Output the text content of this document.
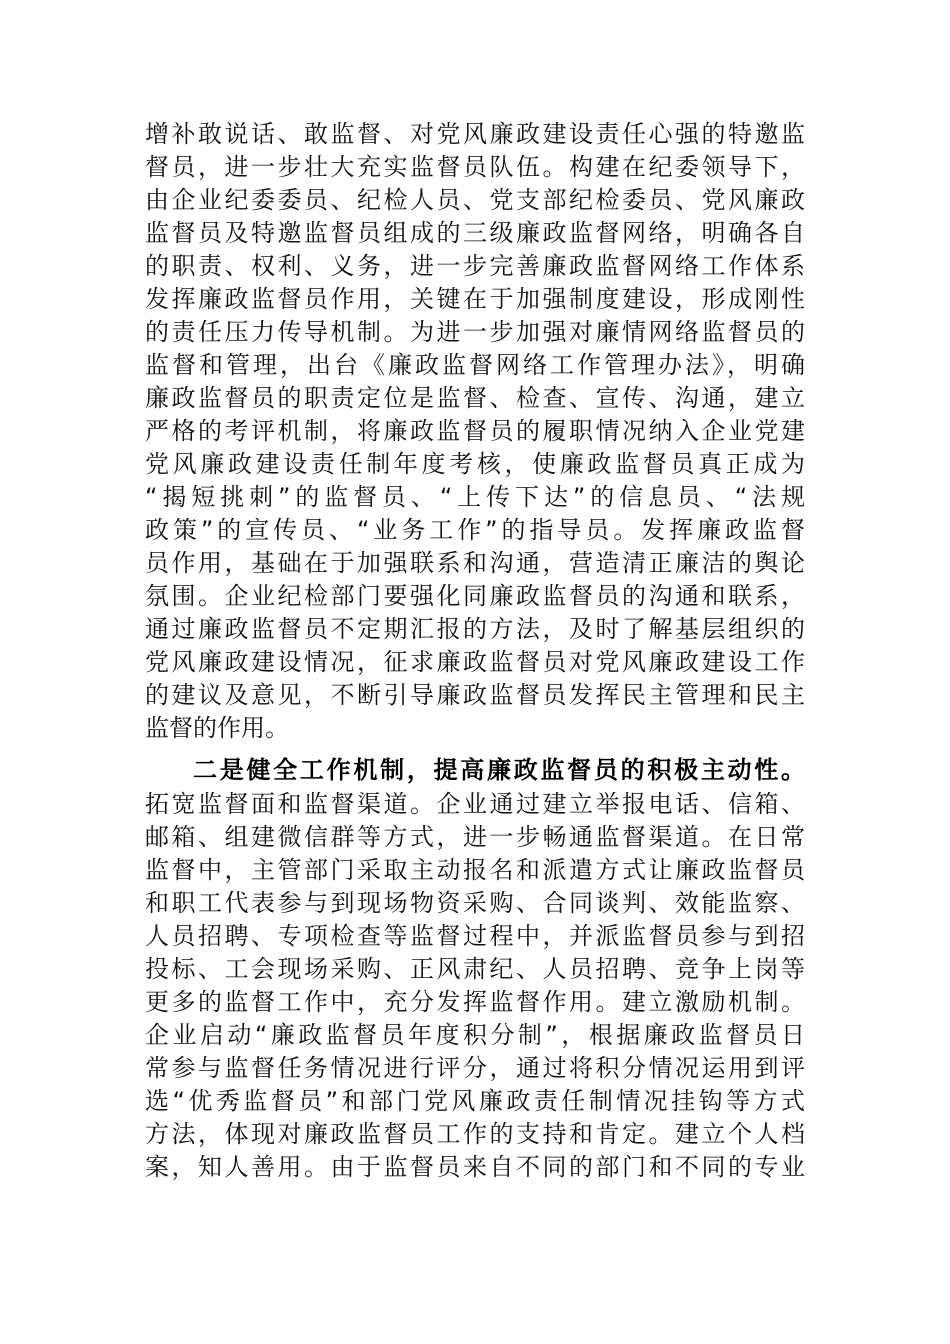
增补敢说话、敢监督、对党风廉政建设责任心强的特邀监
督员，进一步壮大充实监督员队伍。构建在纪委领导下，
由企业纪委委员、纪检人员、党支部纪检委员、党风廉政
监督员及特邀监督员组成的三级廉政监督网络，明确各自
的职责、权利、义务，进一步完善廉政监督网络工作体系
发挥廉政监督员作用，关键在于加强制度建设，形成刚性
的责任压力传导机制。为进一步加强对廉情网络监督员的
监督和管理，出台《廉政监督网络工作管理办法》，明确
廉政监督员的职责定位是监督、检查、宣传、沟通，建立
严格的考评机制，将廉政监督员的履职情况纳入企业党建
党风廉政建设责任制年度考核，使廉政监督员真正成为
“揭短挑刺”的监督员、“上传下达”的信息员、“法规
政策”的宣传员、“业务工作”的指导员。发挥廉政监督
员作用，基础在于加强联系和沟通，营造清正廉洁的舆论
氛围。企业纪检部门要强化同廉政监督员的沟通和联系，
通过廉政监督员不定期汇报的方法，及时了解基层组织的
党风廉政建设情况，征求廉政监督员对党风廉政建设工作
的建议及意见，不断引导廉政监督员发挥民主管理和民主
监督的作用。
二是健全工作机制，提高廉政监督员的积极主动性。
拓宽监督面和监督渠道。企业通过建立举报电话、信箱、
邮箱、组建微信群等方式，进一步畅通监督渠道。在日常
监督中，主管部门采取主动报名和派遣方式让廉政监督员
和职工代表参与到现场物资采购、合同谈判、效能监察、
人员招聘、专项检查等监督过程中，并派监督员参与到招
投标、工会现场采购、正风肃纪、人员招聘、竞争上岗等
更多的监督工作中，充分发挥监督作用。建立激励机制。
企业启动“廉政监督员年度积分制”，根据廉政监督员日
常参与监督任务情况进行评分，通过将积分情况运用到评
选“优秀监督员”和部门党风廉政责任制情况挂钩等方式
方法，体现对廉政监督员工作的支持和肯定。建立个人档
案，知人善用。由于监督员来自不同的部门和不同的专业
